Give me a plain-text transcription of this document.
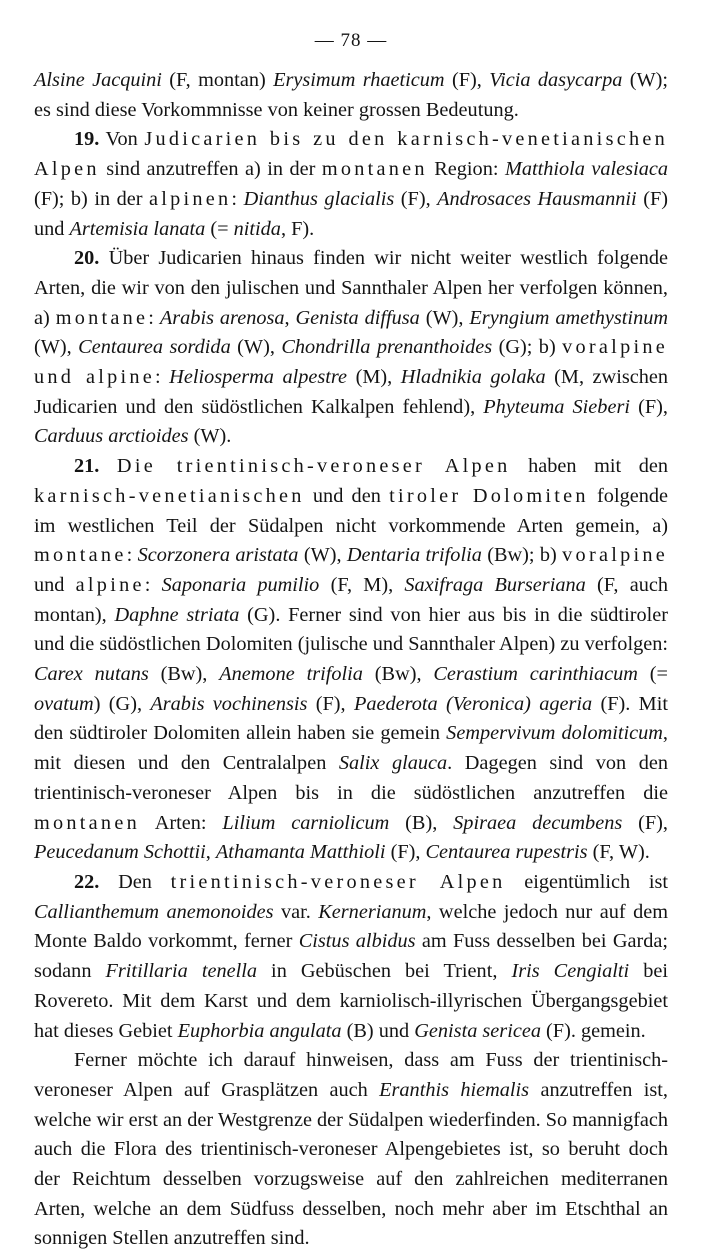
— 78 —

Alsine Jacquini (F, montan) Erysimum rhaeticum (F), Vicia dasycarpa (W); es sind diese Vorkommnisse von keiner grossen Bedeutung.

19. Von Judicarien bis zu den karnisch-venetianischen Alpen sind anzutreffen a) in der montanen Region: Matthiola valesiaca (F); b) in der alpinen: Dianthus glacialis (F), Androsaces Hausmannii (F) und Artemisia lanata (= nitida, F).

20. Über Judicarien hinaus finden wir nicht weiter westlich folgende Arten, die wir von den julischen und Sannthaler Alpen her verfolgen können, a) montane: Arabis arenosa, Genista diffusa (W), Eryngium amethystinum (W), Centaurea sordida (W), Chondrilla prenanthoides (G); b) voralpine und alpine: Heliosperma alpestre (M), Hladnikia golaka (M, zwischen Judicarien und den südöstlichen Kalkalpen fehlend), Phyteuma Sieberi (F), Carduus arctioides (W).

21. Die trientinisch-veroneser Alpen haben mit den karnisch-venetianischen und den tiroler Dolomiten folgende im westlichen Teil der Südalpen nicht vorkommende Arten gemein, a) montane: Scorzonera aristata (W), Dentaria trifolia (Bw); b) voralpine und alpine: Saponaria pumilio (F, M), Saxifraga Burseriana (F, auch montan), Daphne striata (G). Ferner sind von hier aus bis in die südtiroler und die südöstlichen Dolomiten (julische und Sannthaler Alpen) zu verfolgen: Carex nutans (Bw), Anemone trifolia (Bw), Cerastium carinthiacum (= ovatum) (G), Arabis vochinensis (F), Paederota (Veronica) ageria (F). Mit den südtiroler Dolomiten allein haben sie gemein Sempervivum dolomiticum, mit diesen und den Centralalpen Salix glauca. Dagegen sind von den trientinisch-veroneser Alpen bis in die südöstlichen anzutreffen die montanen Arten: Lilium carniolicum (B), Spiraea decumbens (F), Peucedanum Schottii, Athamanta Matthioli (F), Centaurea rupestris (F, W).

22. Den trientinisch-veroneser Alpen eigentümlich ist Callianthemum anemonoides var. Kernerianum, welche jedoch nur auf dem Monte Baldo vorkommt, ferner Cistus albidus am Fuss desselben bei Garda; sodann Fritillaria tenella in Gebüschen bei Trient, Iris Cengialti bei Rovereto. Mit dem Karst und dem karniolisch-illyrischen Übergangsgebiet hat dieses Gebiet Euphorbia angulata (B) und Genista sericea (F). gemein.

Ferner möchte ich darauf hinweisen, dass am Fuss der trientinisch-veroneser Alpen auf Grasplätzen auch Eranthis hiemalis anzutreffen ist, welche wir erst an der Westgrenze der Südalpen wiederfinden. So mannigfach auch die Flora des trientinisch-veroneser Alpengebietes ist, so beruht doch der Reichtum desselben vorzugsweise auf den zahlreichen mediterranen Arten, welche an dem Südfuss desselben, noch mehr aber im Etschthal an sonnigen Stellen anzutreffen sind.
